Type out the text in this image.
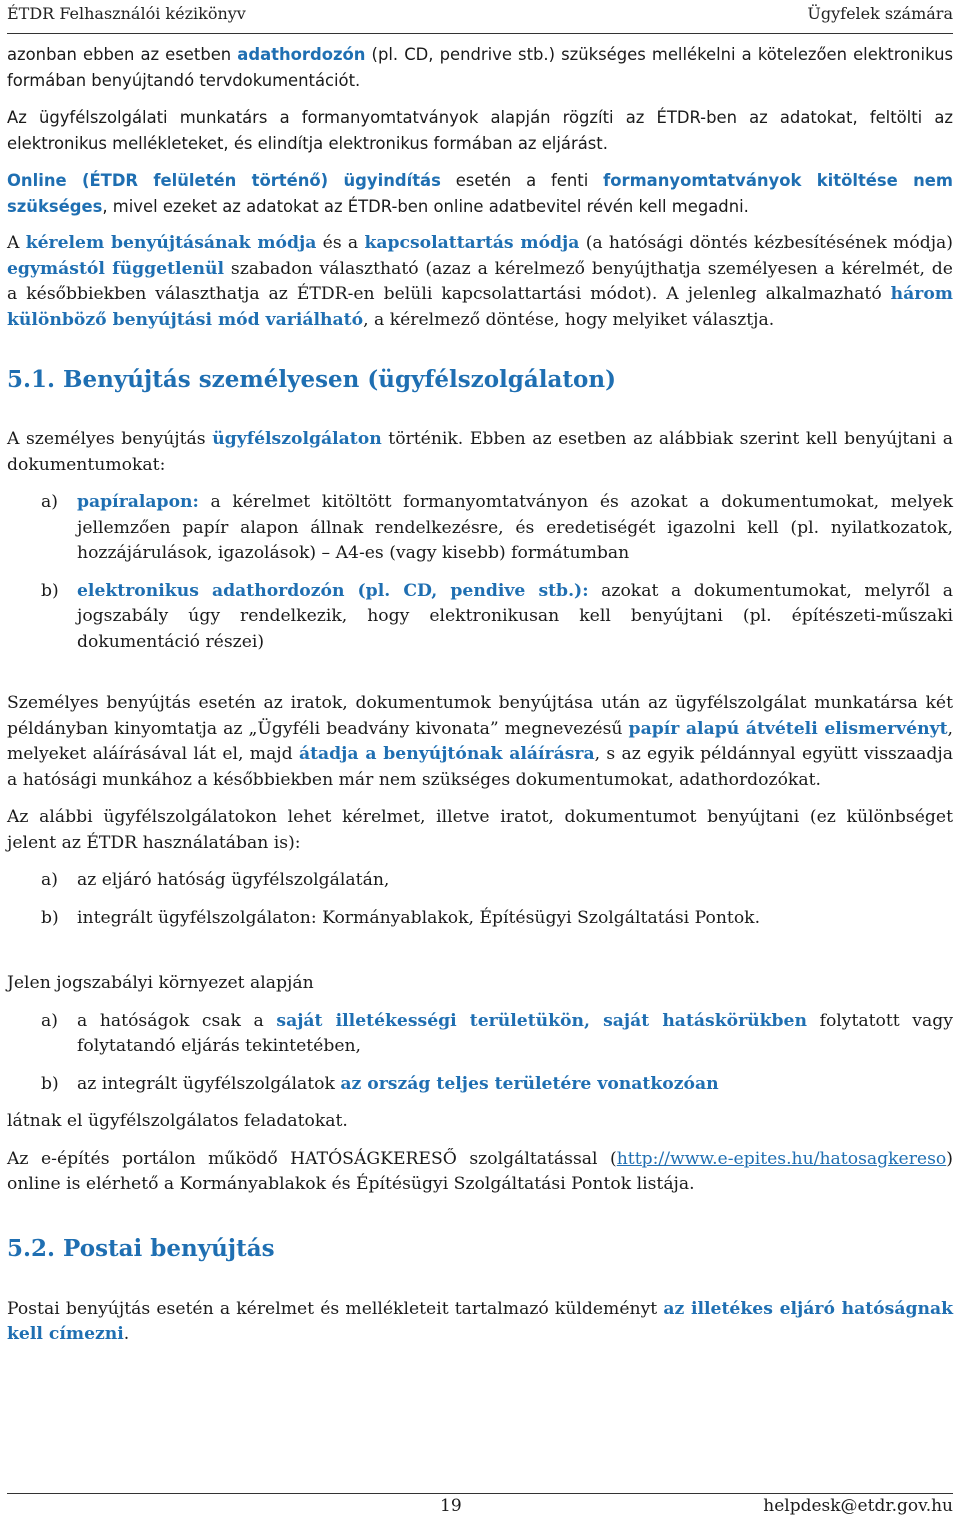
ÉTDR Felhasználói kézikönyv	Ügyfelek számára

azonban ebben az esetben adathordozón (pl. CD, pendrive stb.) szükséges mellékelni a kötelezően elektronikus formában benyújtandó tervdokumentációt.

Az ügyfélszolgálati munkatárs a formanyomtatványok alapján rögzíti az ÉTDR-ben az adatokat, feltölti az elektronikus mellékleteket, és elindítja elektronikus formában az eljárást.

Online (ÉTDR felületén történő) ügyindítás esetén a fenti formanyomtatványok kitöltése nem szükséges, mivel ezeket az adatokat az ÉTDR-ben online adatbevitel révén kell megadni.

A kérelem benyújtásának módja és a kapcsolattartás módja (a hatósági döntés kézbesítésének módja) egymástól függetlenül szabadon választható (azaz a kérelmező benyújthatja személyesen a kérelmét, de a későbbiekben választhatja az ÉTDR-en belüli kapcsolattartási módot). A jelenleg alkalmazható három különböző benyújtási mód variálható, a kérelmező döntése, hogy melyiket választja.

5.1. Benyújtás személyesen (ügyfélszolgálaton)

A személyes benyújtás ügyfélszolgálaton történik. Ebben az esetben az alábbiak szerint kell benyújtani a dokumentumokat:

a) papíralapon: a kérelmet kitöltött formanyomtatványon és azokat a dokumentumokat, melyek jellemzően papír alapon állnak rendelkezésre, és eredetiségét igazolni kell (pl. nyilatkozatok, hozzájárulások, igazolások) – A4-es (vagy kisebb) formátumban

b) elektronikus adathordozón (pl. CD, pendive stb.): azokat a dokumentumokat, melyről a jogszabály úgy rendelkezik, hogy elektronikusan kell benyújtani (pl. építészeti-műszaki dokumentáció részei)

Személyes benyújtás esetén az iratok, dokumentumok benyújtása után az ügyfélszolgálat munkatársa két példányban kinyomtatja az „Ügyféli beadvány kivonata” megnevezésű papír alapú átvételi elismervényt, melyeket aláírásával lát el, majd átadja a benyújtónak aláírásra, s az egyik példánnyal együtt visszaadja a hatósági munkához a későbbiekben már nem szükséges dokumentumokat, adathordozókat.

Az alábbi ügyfélszolgálatokon lehet kérelmet, illetve iratot, dokumentumot benyújtani (ez különbséget jelent az ÉTDR használatában is):

a) az eljáró hatóság ügyfélszolgálatán,

b) integrált ügyfélszolgálaton: Kormányablakok, Építésügyi Szolgáltatási Pontok.

Jelen jogszabályi környezet alapján

a) a hatóságok csak a saját illetékességi területükön, saját hatáskörükben folytatott vagy folytatandó eljárás tekintetében,

b) az integrált ügyfélszolgálatok az ország teljes területére vonatkozóan

látnak el ügyfélszolgálatos feladatokat.

Az e-építés portálon működő HATÓSÁGKERESŐ szolgáltatással (http://www.e-epites.hu/hatosagkereso) online is elérhető a Kormányablakok és Építésügyi Szolgáltatási Pontok listája.

5.2. Postai benyújtás

Postai benyújtás esetén a kérelmet és mellékleteit tartalmazó küldeményt az illetékes eljáró hatóságnak kell címezni.

19	helpdesk@etdr.gov.hu
